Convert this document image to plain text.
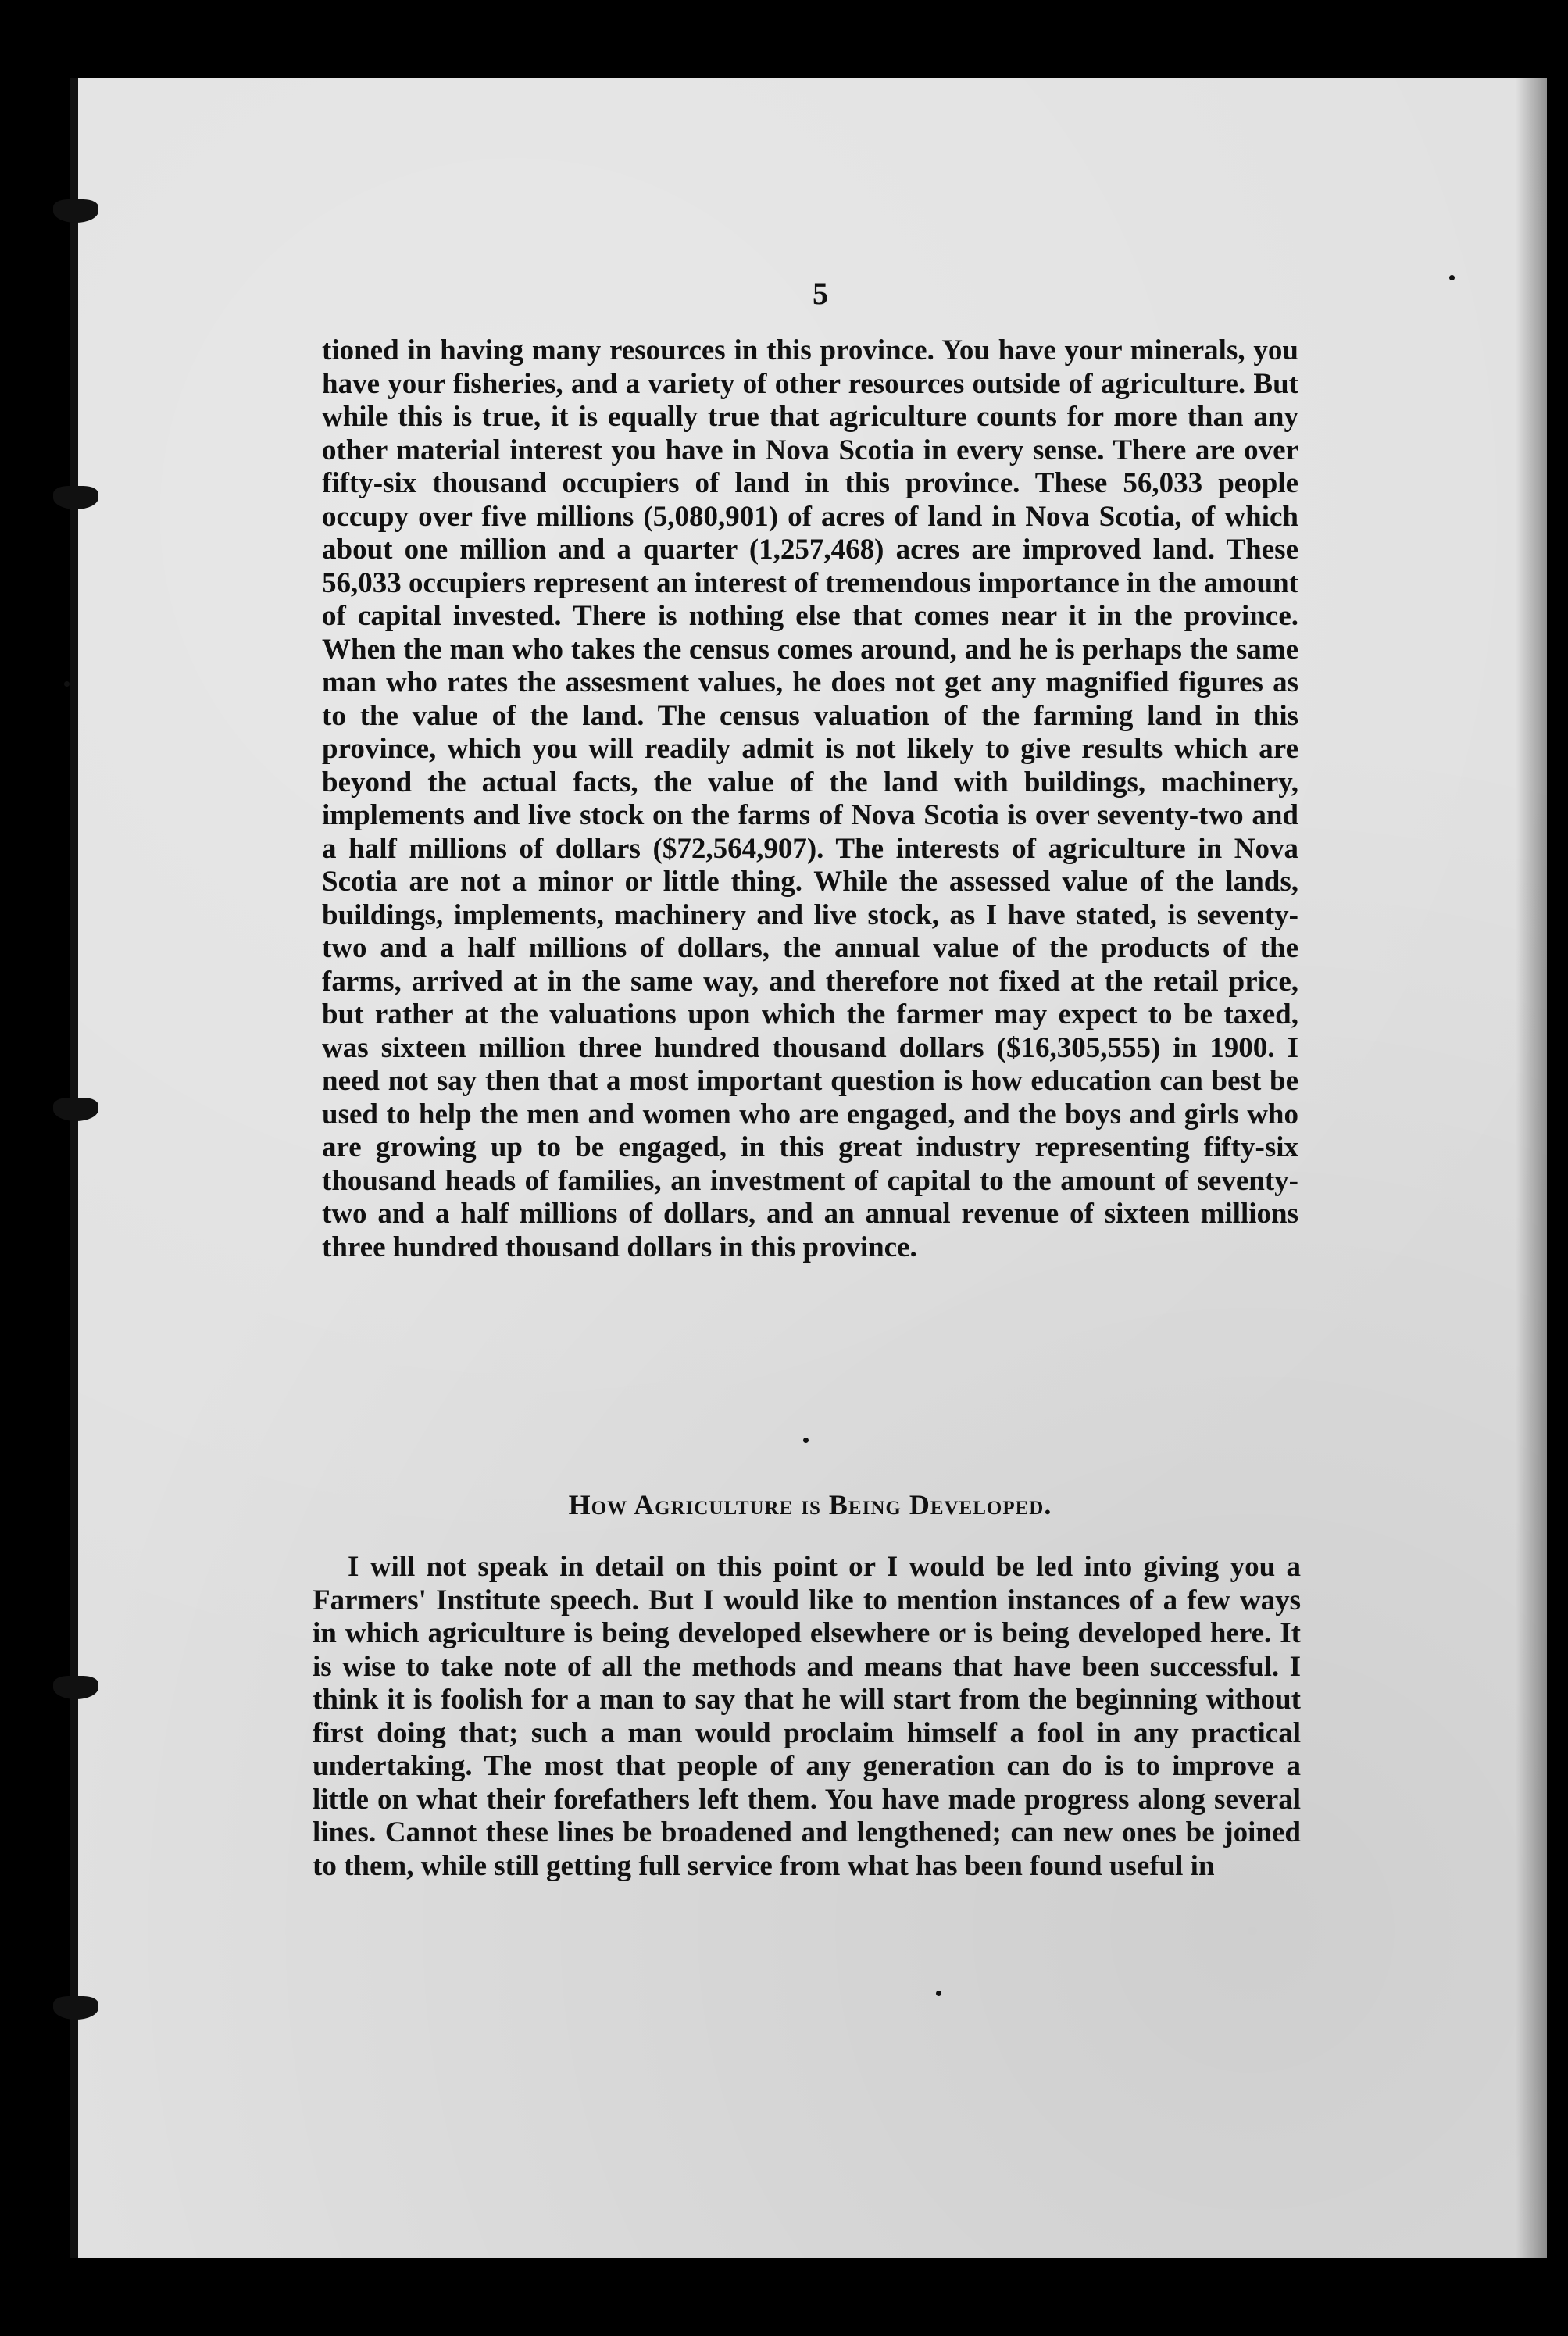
5

tioned in having many resources in this province. You have your minerals, you have your fisheries, and a variety of other resources outside of agriculture. But while this is true, it is equally true that agriculture counts for more than any other material interest you have in Nova Scotia in every sense. There are over fifty-six thousand occupiers of land in this province. These 56,033 people occupy over five millions (5,080,901) of acres of land in Nova Scotia, of which about one million and a quarter (1,257,468) acres are improved land. These 56,033 occupiers represent an interest of tremendous importance in the amount of capital invested. There is nothing else that comes near it in the province. When the man who takes the census comes around, and he is perhaps the same man who rates the assesment values, he does not get any magnified figures as to the value of the land. The census valuation of the farming land in this province, which you will readily admit is not likely to give results which are beyond the actual facts, the value of the land with buildings, machinery, implements and live stock on the farms of Nova Scotia is over seventy-two and a half millions of dollars ($72,564,907). The interests of agriculture in Nova Scotia are not a minor or little thing. While the assessed value of the lands, buildings, implements, machinery and live stock, as I have stated, is seventy-two and a half millions of dollars, the annual value of the products of the farms, arrived at in the same way, and therefore not fixed at the retail price, but rather at the valuations upon which the farmer may expect to be taxed, was sixteen million three hundred thousand dollars ($16,305,555) in 1900. I need not say then that a most important question is how education can best be used to help the men and women who are engaged, and the boys and girls who are growing up to be engaged, in this great industry representing fifty-six thousand heads of families, an investment of capital to the amount of seventy-two and a half millions of dollars, and an annual revenue of sixteen millions three hundred thousand dollars in this province.

How Agriculture is Being Developed.

I will not speak in detail on this point or I would be led into giving you a Farmers' Institute speech. But I would like to mention instances of a few ways in which agriculture is being developed elsewhere or is being developed here. It is wise to take note of all the methods and means that have been successful. I think it is foolish for a man to say that he will start from the beginning without first doing that; such a man would proclaim himself a fool in any practical undertaking. The most that people of any generation can do is to improve a little on what their forefathers left them. You have made progress along several lines. Cannot these lines be broadened and lengthened; can new ones be joined to them, while still getting full service from what has been found useful in
